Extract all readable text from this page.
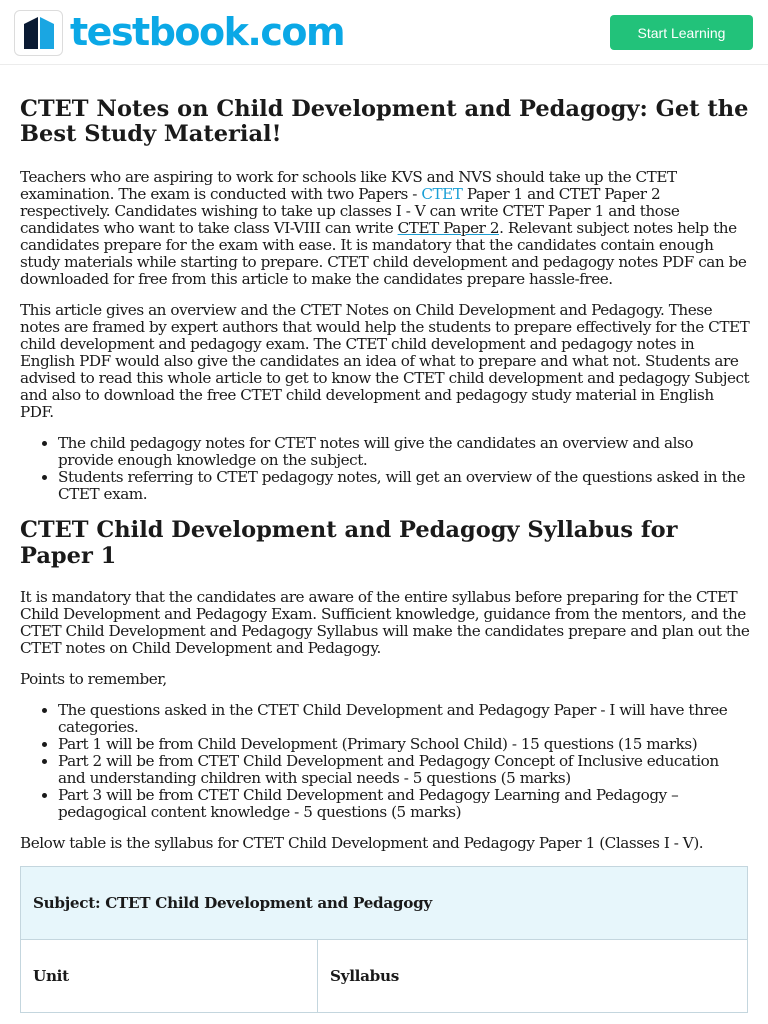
testbook.com	Start Learning
CTET Notes on Child Development and Pedagogy: Get the Best Study Material!

Teachers who are aspiring to work for schools like KVS and NVS should take up the CTET examination. The exam is conducted with two Papers - CTET Paper 1 and CTET Paper 2 respectively. Candidates wishing to take up classes I - V can write CTET Paper 1 and those candidates who want to take class VI-VIII can write CTET Paper 2. Relevant subject notes help the candidates prepare for the exam with ease. It is mandatory that the candidates contain enough study materials while starting to prepare. CTET child development and pedagogy notes PDF can be downloaded for free from this article to make the candidates prepare hassle-free.

This article gives an overview and the CTET Notes on Child Development and Pedagogy. These notes are framed by expert authors that would help the students to prepare effectively for the CTET child development and pedagogy exam. The CTET child development and pedagogy notes in English PDF would also give the candidates an idea of what to prepare and what not. Students are advised to read this whole article to get to know the CTET child development and pedagogy Subject and also to download the free CTET child development and pedagogy study material in English PDF.

• The child pedagogy notes for CTET notes will give the candidates an overview and also provide enough knowledge on the subject.
• Students referring to CTET pedagogy notes, will get an overview of the questions asked in the CTET exam.
CTET Child Development and Pedagogy Syllabus for Paper 1

It is mandatory that the candidates are aware of the entire syllabus before preparing for the CTET Child Development and Pedagogy Exam. Sufficient knowledge, guidance from the mentors, and the CTET Child Development and Pedagogy Syllabus will make the candidates prepare and plan out the CTET notes on Child Development and Pedagogy.

Points to remember,

• The questions asked in the CTET Child Development and Pedagogy Paper - I will have three categories.
• Part 1 will be from Child Development (Primary School Child) - 15 questions (15 marks)
• Part 2 will be from CTET Child Development and Pedagogy Concept of Inclusive education and understanding children with special needs - 5 questions (5 marks)
• Part 3 will be from CTET Child Development and Pedagogy Learning and Pedagogy – pedagogical content knowledge - 5 questions (5 marks)

Below table is the syllabus for CTET Child Development and Pedagogy Paper 1 (Classes I - V).

Subject: CTET Child Development and Pedagogy
Unit	Syllabus
